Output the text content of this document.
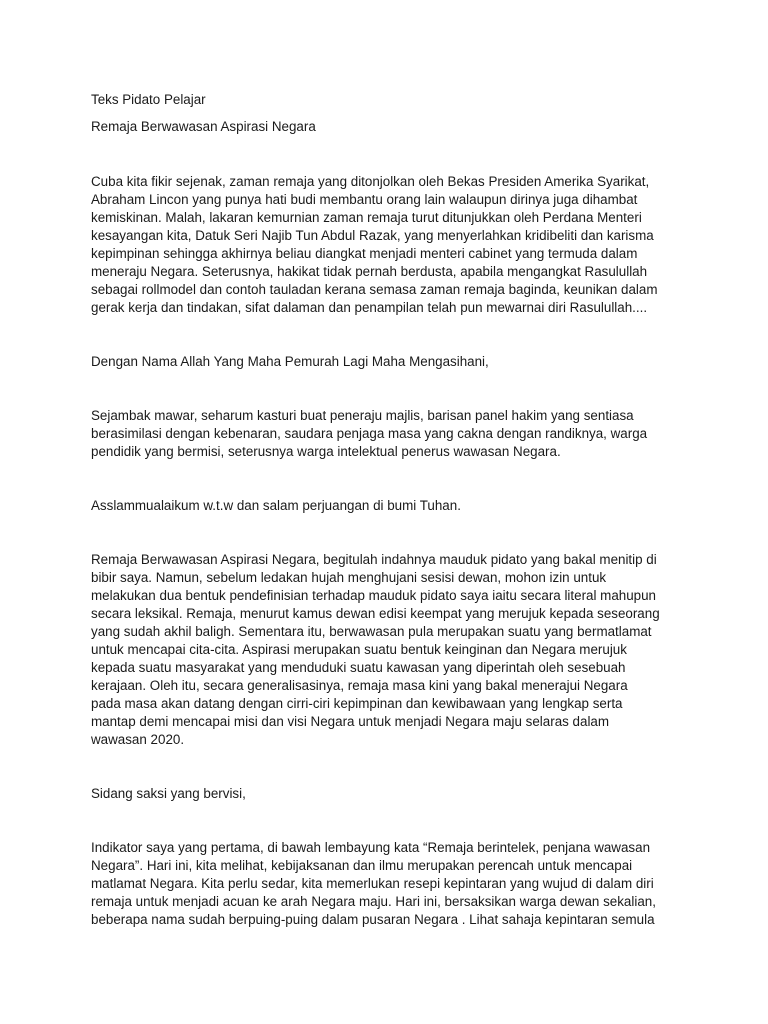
Teks Pidato Pelajar

Remaja Berwawasan Aspirasi Negara

Cuba kita fikir sejenak, zaman remaja yang ditonjolkan oleh Bekas Presiden Amerika Syarikat,
Abraham Lincon yang punya hati budi membantu orang lain walaupun dirinya juga dihambat
kemiskinan. Malah, lakaran kemurnian zaman remaja turut ditunjukkan oleh Perdana Menteri
kesayangan kita, Datuk Seri Najib Tun Abdul Razak, yang menyerlahkan kridibeliti dan karisma
kepimpinan sehingga akhirnya beliau diangkat menjadi menteri cabinet yang termuda dalam
meneraju Negara. Seterusnya, hakikat tidak pernah berdusta, apabila mengangkat Rasulullah
sebagai rollmodel dan contoh tauladan kerana semasa zaman remaja baginda, keunikan dalam
gerak kerja dan tindakan, sifat dalaman dan penampilan telah pun mewarnai diri Rasulullah....

Dengan Nama Allah Yang Maha Pemurah Lagi Maha Mengasihani,

Sejambak mawar, seharum kasturi buat peneraju majlis, barisan panel hakim yang sentiasa
berasimilasi dengan kebenaran, saudara penjaga masa yang cakna dengan randiknya, warga
pendidik yang bermisi, seterusnya warga intelektual penerus wawasan Negara.

Asslammualaikum w.t.w dan salam perjuangan di bumi Tuhan.

Remaja Berwawasan Aspirasi Negara, begitulah indahnya mauduk pidato yang bakal menitip di
bibir saya. Namun, sebelum ledakan hujah menghujani sesisi dewan, mohon izin untuk
melakukan dua bentuk pendefinisian terhadap mauduk pidato saya iaitu secara literal mahupun
secara leksikal. Remaja, menurut kamus dewan edisi keempat yang merujuk kepada seseorang
yang sudah akhil baligh. Sementara itu, berwawasan pula merupakan suatu yang bermatlamat
untuk mencapai cita-cita. Aspirasi merupakan suatu bentuk keinginan dan Negara merujuk
kepada suatu masyarakat yang menduduki suatu kawasan yang diperintah oleh sesebuah
kerajaan. Oleh itu, secara generalisasinya, remaja masa kini yang bakal menerajui Negara
pada masa akan datang dengan cirri-ciri kepimpinan dan kewibawaan yang lengkap serta
mantap demi mencapai misi dan visi Negara untuk menjadi Negara maju selaras dalam
wawasan 2020.

Sidang saksi yang bervisi,

Indikator saya yang pertama, di bawah lembayung kata “Remaja berintelek, penjana wawasan
Negara”. Hari ini, kita melihat, kebijaksanan dan ilmu merupakan perencah untuk mencapai
matlamat Negara. Kita perlu sedar, kita memerlukan resepi kepintaran yang wujud di dalam diri
remaja untuk menjadi acuan ke arah Negara maju. Hari ini, bersaksikan warga dewan sekalian,
beberapa nama sudah berpuing-puing dalam pusaran Negara . Lihat sahaja kepintaran semula
